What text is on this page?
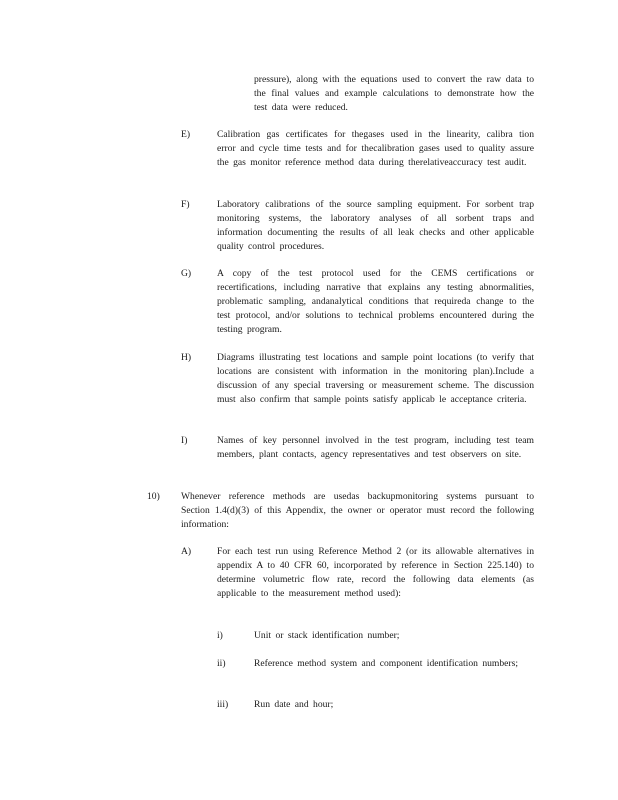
pressure), along with the equations used to convert the raw data to the final values and example calculations to demonstrate how the test data were reduced.
E)	Calibration gas certificates for thegases used in the linearity, calibra tion error and cycle time tests and for thecalibration gases used to quality assure the gas monitor reference method data during therelativeaccuracy test audit.
F)	Laboratory calibrations of the source sampling equipment. For sorbent trap monitoring systems, the laboratory analyses of all sorbent traps and information documenting the results of all leak checks and other applicable quality control procedures.
G)	A copy of the test protocol used for the CEMS certifications or recertifications, including narrative that explains any testing abnormalities, problematic sampling, andanalytical conditions that requireda change to the test protocol, and/or solutions to technical problems encountered during the testing program.
H)	Diagrams illustrating test locations and sample point locations (to verify that locations are consistent with information in the monitoring plan).Include a discussion of any special traversing or measurement scheme. The discussion must also confirm that sample points satisfy applicab le acceptance criteria.
I)	Names of key personnel involved in the test program, including test team members, plant contacts, agency representatives and test observers on site.
10) Whenever reference methods are usedas backupmonitoring systems pursuant to Section 1.4(d)(3) of this Appendix, the owner or operator must record the following information:
A)	For each test run using Reference Method 2 (or its allowable alternatives in appendix A to 40 CFR 60, incorporated by reference in Section 225.140) to determine volumetric flow rate, record the following data elements (as applicable to the measurement method used):
i)	Unit or stack identification number;
ii)	Reference method system and component identification numbers;
iii)	Run date and hour;
